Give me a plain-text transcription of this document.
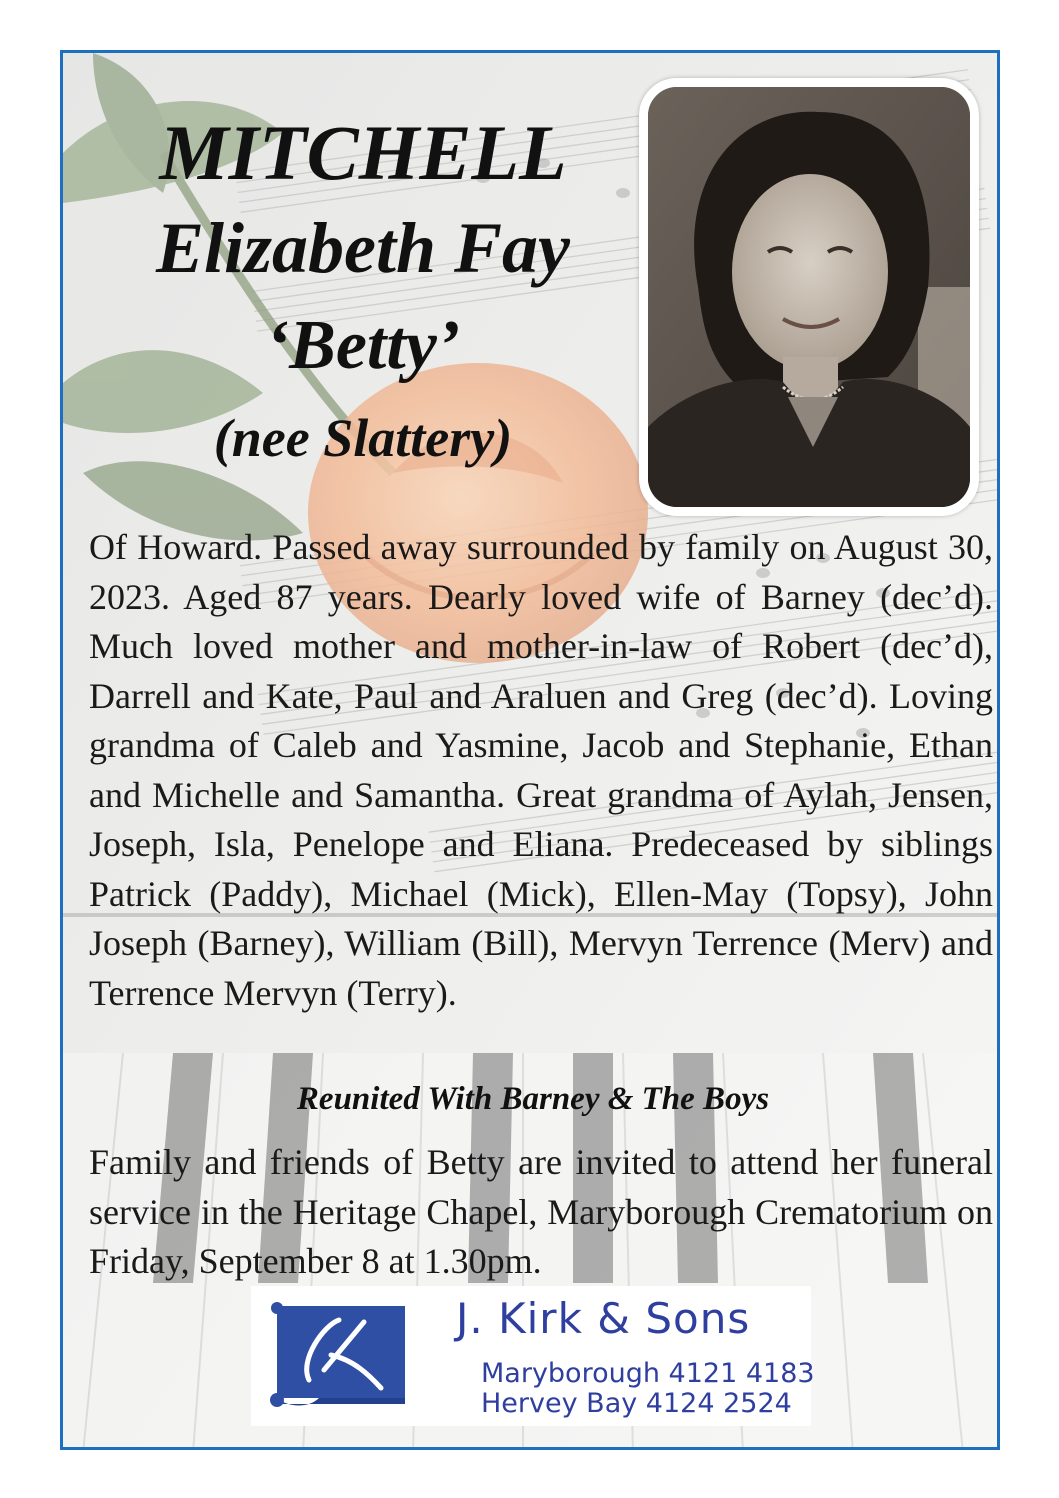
MITCHELL
Elizabeth Fay
‘Betty’
(nee Slattery)
Of Howard. Passed away surrounded by family on August 30, 2023. Aged 87 years. Dearly loved wife of Barney (dec’d). Much loved mother and mother-in-law of Robert (dec’d), Darrell and Kate, Paul and Araluen and Greg (dec’d). Loving grandma of Caleb and Yasmine, Jacob and Stephanie, Ethan and Michelle and Samantha. Great grandma of Aylah, Jensen, Joseph, Isla, Penelope and Eliana. Predeceased by siblings Patrick (Paddy), Michael (Mick), Ellen-May (Topsy), John Joseph (Barney), William (Bill), Mervyn Terrence (Merv) and Terrence Mervyn (Terry).
Reunited With Barney & The Boys
Family and friends of Betty are invited to attend her funeral service in the Heritage Chapel, Maryborough Crematorium on Friday, September 8 at 1.30pm.
J. Kirk & Sons
Maryborough 4121 4183
Hervey Bay 4124 2524
